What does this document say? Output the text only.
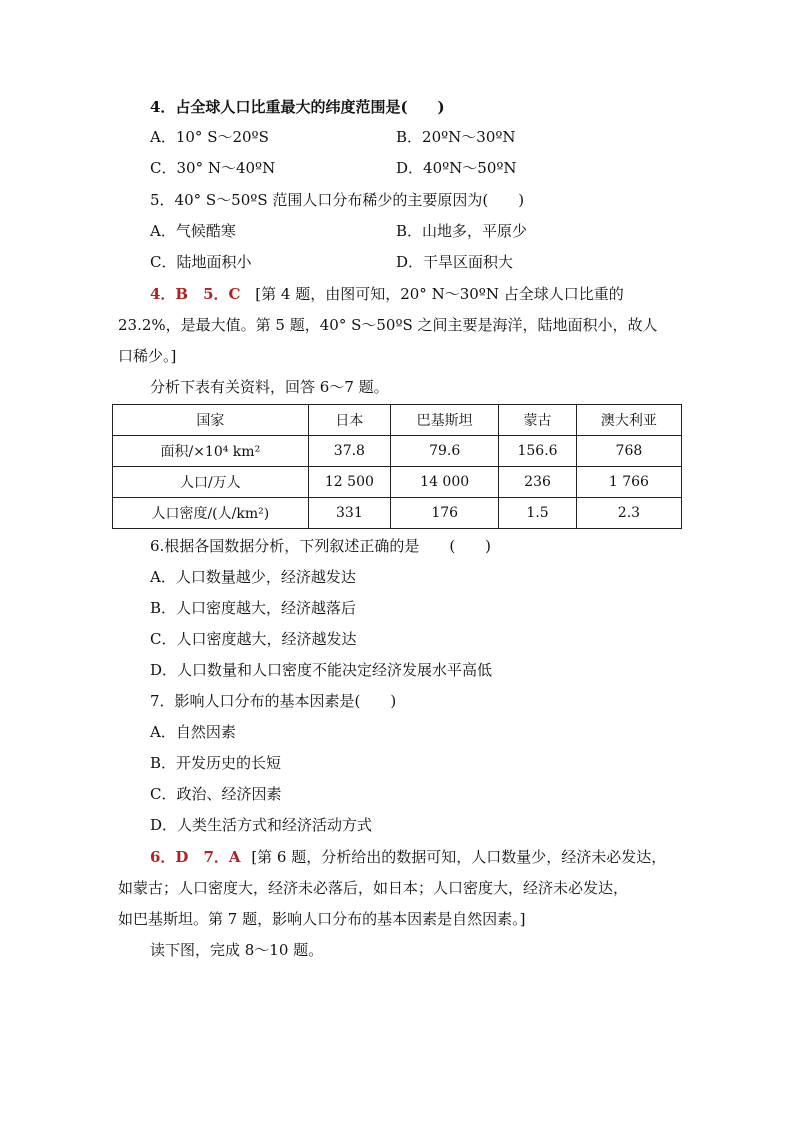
4．占全球人口比重最大的纬度范围是(　　)
A．10° S～20ºS	B．20ºN～30ºN
C．30° N～40ºN	D．40ºN～50ºN
5．40° S～50ºS 范围人口分布稀少的主要原因为(　　)
A．气候酷寒	B．山地多，平原少
C．陆地面积小	D．干旱区面积大
4．B　5．C [第 4 题，由图可知，20° N～30ºN 占全球人口比重的
23.2%，是最大值。第 5 题，40° S～50ºS 之间主要是海洋，陆地面积小，故人
口稀少。]
分析下表有关资料，回答 6～7 题。
国家	日本	巴基斯坦	蒙古	澳大利亚
面积/×10⁴ km²	37.8	79.6	156.6	768
人口/万人	12 500	14 000	236	1 766
人口密度/(人/km²)	331	176	1.5	2.3
6.根据各国数据分析，下列叙述正确的是　　(　　)
A．人口数量越少，经济越发达
B．人口密度越大，经济越落后
C．人口密度越大，经济越发达
D．人口数量和人口密度不能决定经济发展水平高低
7．影响人口分布的基本因素是(　　)
A．自然因素
B．开发历史的长短
C．政治、经济因素
D．人类生活方式和经济活动方式
6．D　7．A [第 6 题，分析给出的数据可知，人口数量少，经济未必发达，
如蒙古；人口密度大，经济未必落后，如日本；人口密度大，经济未必发达，
如巴基斯坦。第 7 题，影响人口分布的基本因素是自然因素。]
读下图，完成 8～10 题。
